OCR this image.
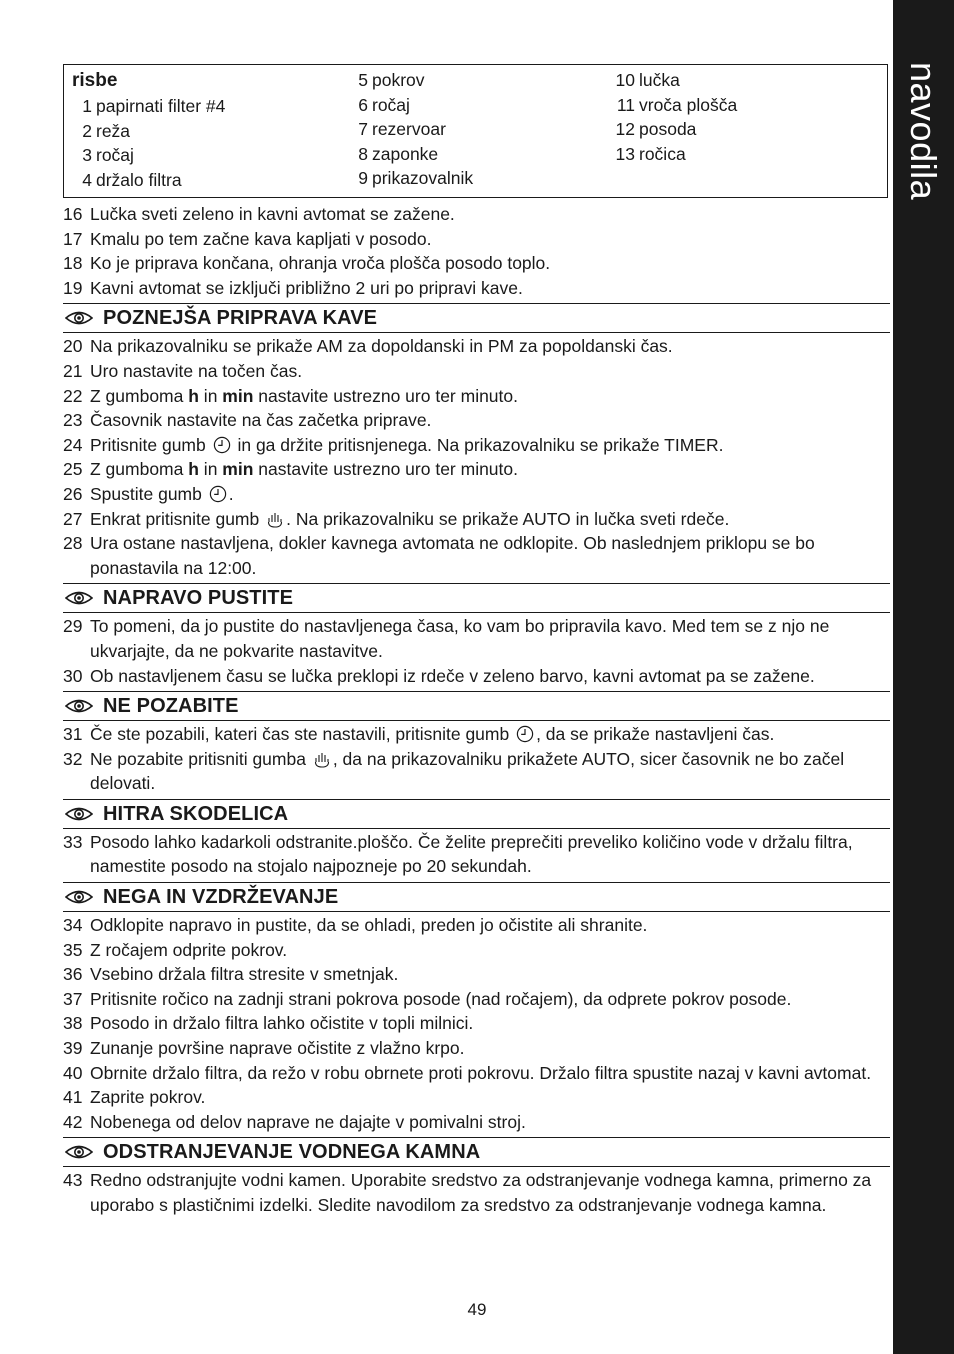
navodila
risbe
1 papirnati filter #4
2 reža
3 ročaj
4 držalo filtra
5 pokrov
6 ročaj
7 rezervoar
8 zaponke
9 prikazovalnik
10 lučka
11 vroča plošča
12 posoda
13 ročica
16 Lučka sveti zeleno in kavni avtomat se zažene.
17 Kmalu po tem začne kava kapljati v posodo.
18 Ko je priprava končana, ohranja vroča plošča posodo toplo.
19 Kavni avtomat se izključi približno 2 uri po pripravi kave.
POZNEJŠA PRIPRAVA KAVE
20 Na prikazovalniku se prikaže AM za dopoldanski in PM za popoldanski čas.
21 Uro nastavite na točen čas.
22 Z gumboma h in min nastavite ustrezno uro ter minuto.
23 Časovnik nastavite na čas začetka priprave.
24 Pritisnite gumb  in ga držite pritisnjenega. Na prikazovalniku se prikaže TIMER.
25 Z gumboma h in min nastavite ustrezno uro ter minuto.
26 Spustite gumb .
27 Enkrat pritisnite gumb . Na prikazovalniku se prikaže AUTO in lučka sveti rdeče.
28 Ura ostane nastavljena, dokler kavnega avtomata ne odklopite. Ob naslednjem priklopu se bo ponastavila na 12:00.
NAPRAVO PUSTITE
29 To pomeni, da jo pustite do nastavljenega časa, ko vam bo pripravila kavo. Med tem se z njo ne ukvarjajte, da ne pokvarite nastavitve.
30 Ob nastavljenem času se lučka preklopi iz rdeče v zeleno barvo, kavni avtomat pa se zažene.
NE POZABITE
31 Če ste pozabili, kateri čas ste nastavili, pritisnite gumb , da se prikaže nastavljeni čas.
32 Ne pozabite pritisniti gumba , da na prikazovalniku prikažete AUTO, sicer časovnik ne bo začel delovati.
HITRA SKODELICA
33 Posodo lahko kadarkoli odstranite.ploščo. Če želite preprečiti preveliko količino vode v držalu filtra, namestite posodo na stojalo najpozneje po 20 sekundah.
NEGA IN VZDRŽEVANJE
34 Odklopite napravo in pustite, da se ohladi, preden jo očistite ali shranite.
35 Z ročajem odprite pokrov.
36 Vsebino držala filtra stresite v smetnjak.
37 Pritisnite ročico na zadnji strani pokrova posode (nad ročajem), da odprete pokrov posode.
38 Posodo in držalo filtra lahko očistite v topli milnici.
39 Zunanje površine naprave očistite z vlažno krpo.
40 Obrnite držalo filtra, da režo v robu obrnete proti pokrovu. Držalo filtra spustite nazaj v kavni avtomat.
41 Zaprite pokrov.
42 Nobenega od delov naprave ne dajajte v pomivalni stroj.
ODSTRANJEVANJE VODNEGA KAMNA
43 Redno odstranjujte vodni kamen. Uporabite sredstvo za odstranjevanje vodnega kamna, primerno za uporabo s plastičnimi izdelki. Sledite navodilom za sredstvo za odstranjevanje vodnega kamna.
49
